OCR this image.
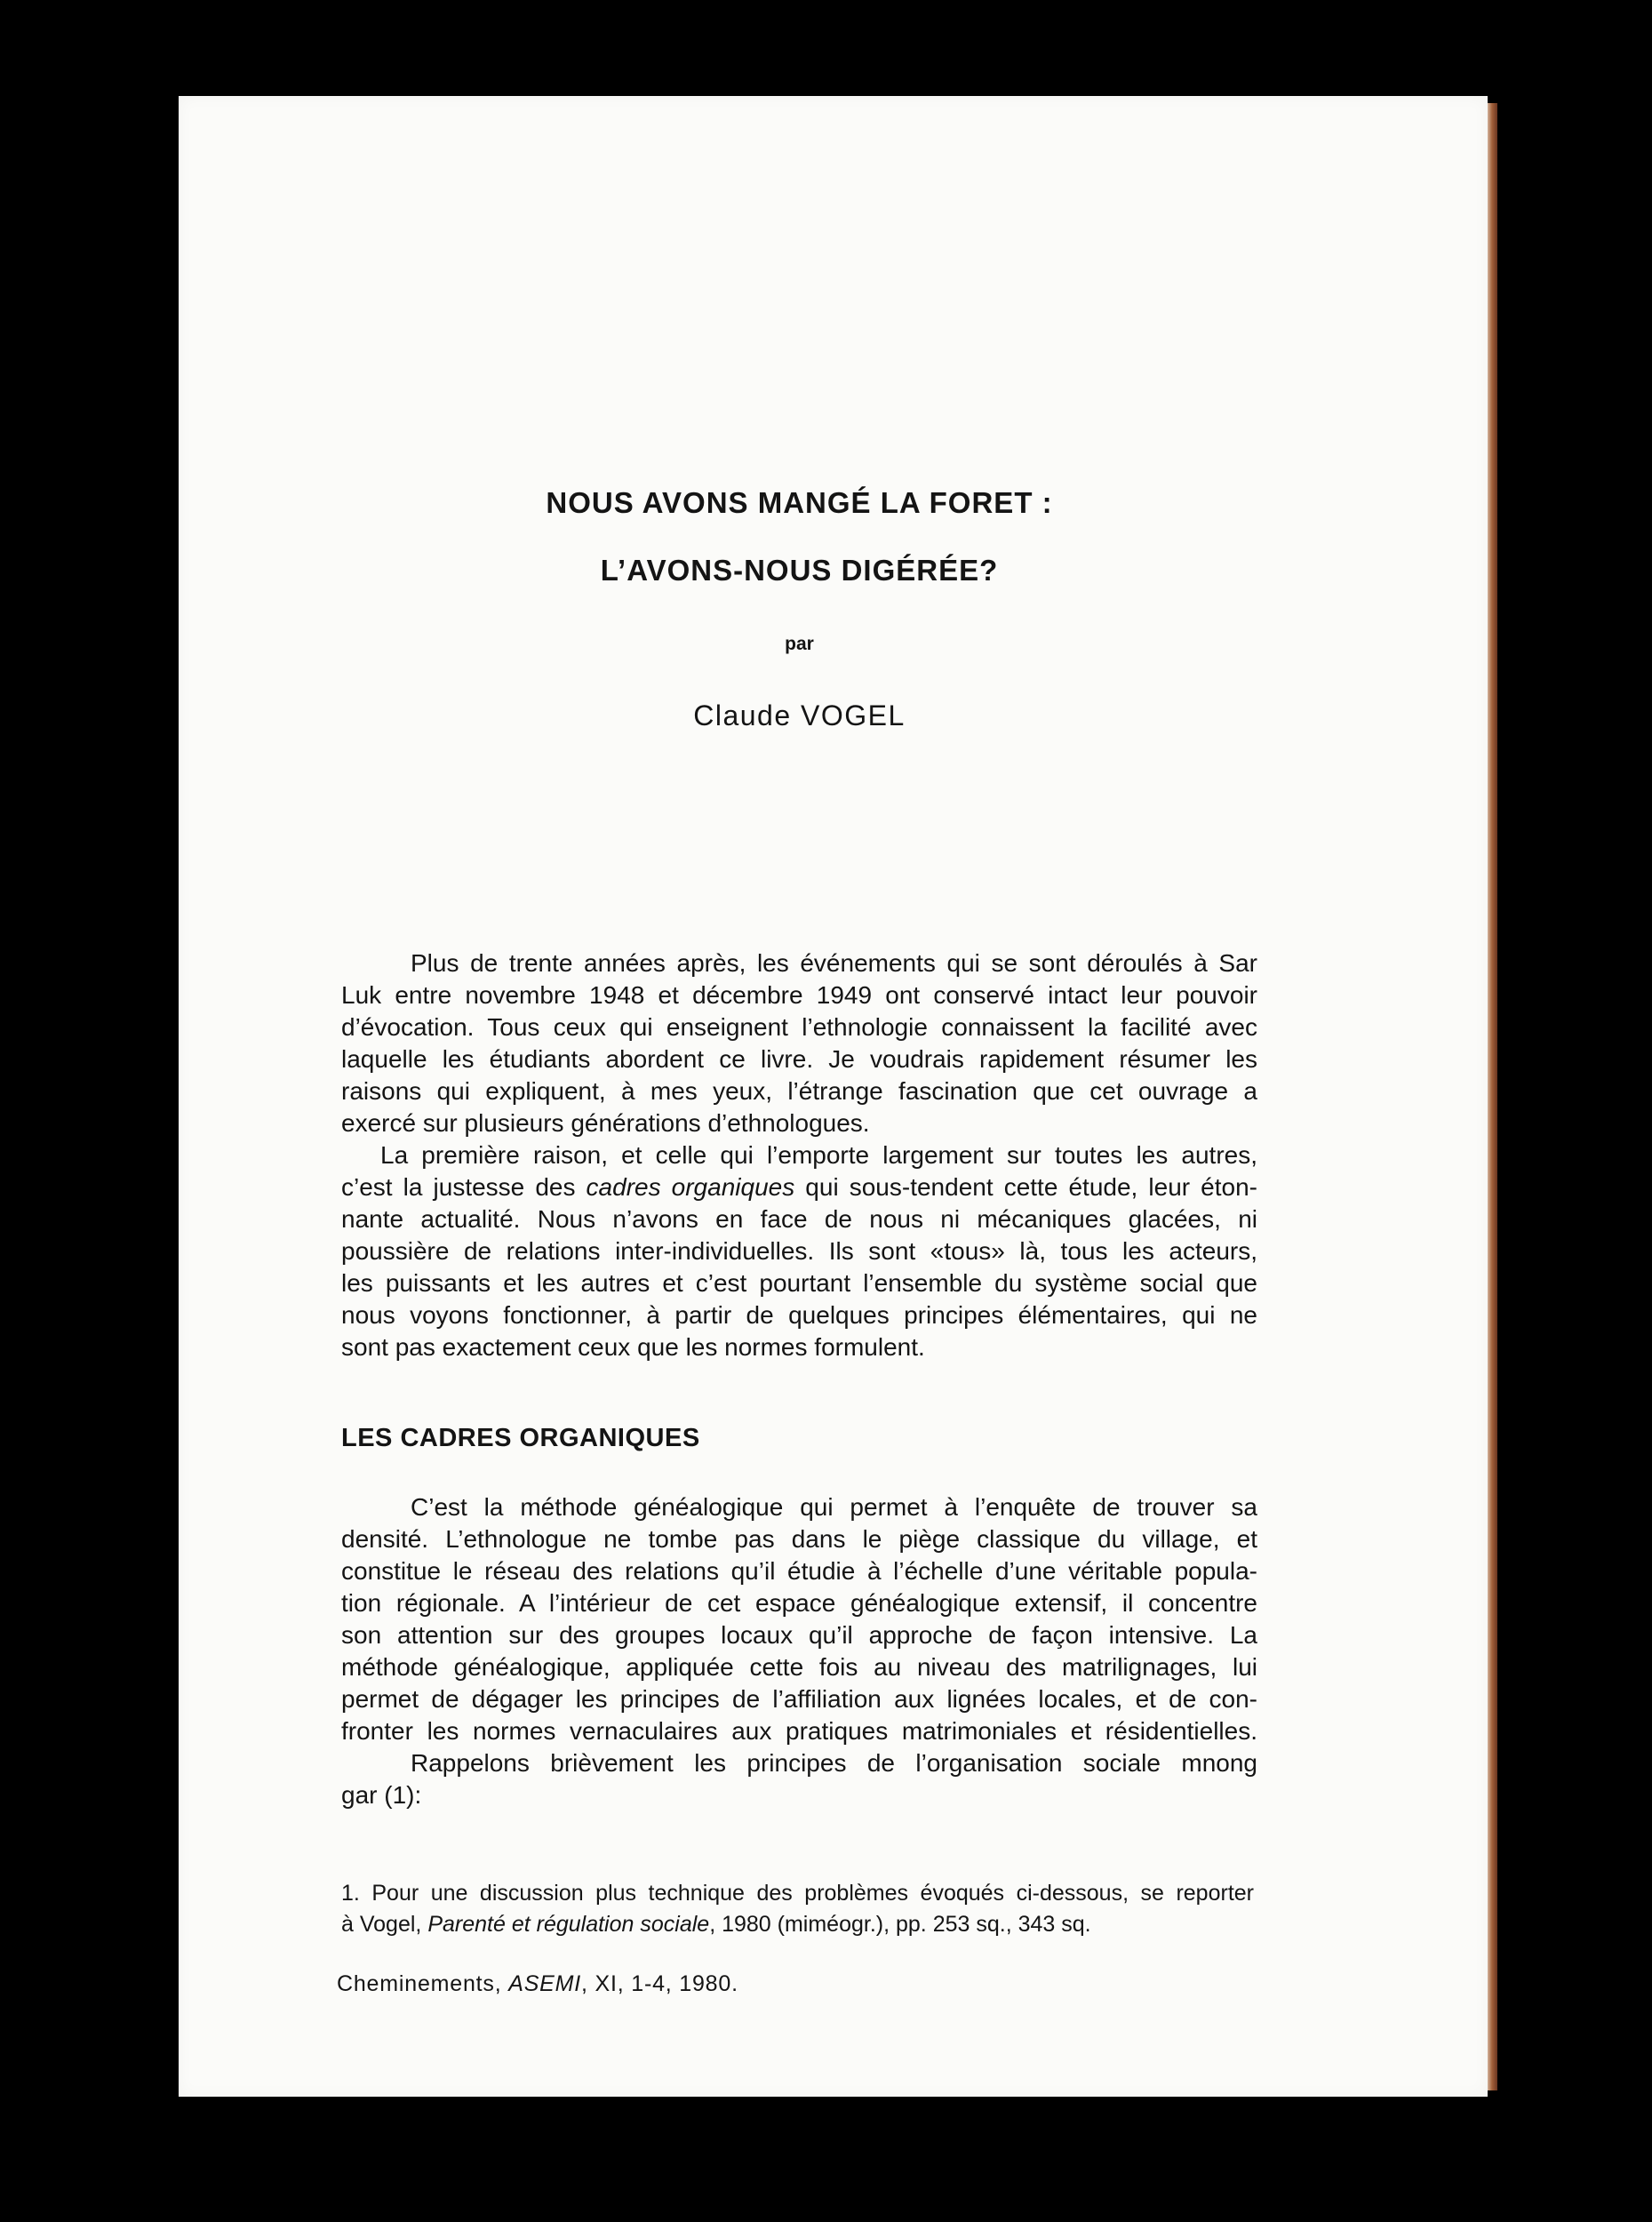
NOUS AVONS MANGÉ LA FORET :
L’AVONS-NOUS DIGÉRÉE?
par
Claude VOGEL
Plus de trente années après, les événements qui se sont déroulés à Sar
Luk entre novembre 1948 et décembre 1949 ont conservé intact leur pouvoir
d’évocation. Tous ceux qui enseignent l’ethnologie connaissent la facilité avec
laquelle les étudiants abordent ce livre. Je voudrais rapidement résumer les
raisons qui expliquent, à mes yeux, l’étrange fascination que cet ouvrage a
exercé sur plusieurs générations d’ethnologues.
La première raison, et celle qui l’emporte largement sur toutes les autres,
c’est la justesse des cadres organiques qui sous-tendent cette étude, leur éton-
nante actualité. Nous n’avons en face de nous ni mécaniques glacées, ni
poussière de relations inter-individuelles. Ils sont «tous» là, tous les acteurs,
les puissants et les autres et c’est pourtant l’ensemble du système social que
nous voyons fonctionner, à partir de quelques principes élémentaires, qui ne
sont pas exactement ceux que les normes formulent.
LES CADRES ORGANIQUES
C’est la méthode généalogique qui permet à l’enquête de trouver sa
densité. L’ethnologue ne tombe pas dans le piège classique du village, et
constitue le réseau des relations qu’il étudie à l’échelle d’une véritable popula-
tion régionale. A l’intérieur de cet espace généalogique extensif, il concentre
son attention sur des groupes locaux qu’il approche de façon intensive. La
méthode généalogique, appliquée cette fois au niveau des matrilignages, lui
permet de dégager les principes de l’affiliation aux lignées locales, et de con-
fronter les normes vernaculaires aux pratiques matrimoniales et résidentielles.
Rappelons brièvement les principes de l’organisation sociale mnong
gar (1):
1. Pour une discussion plus technique des problèmes évoqués ci-dessous, se reporter
à Vogel, Parenté et régulation sociale, 1980 (miméogr.), pp. 253 sq., 343 sq.
Cheminements, ASEMI, XI, 1-4, 1980.
